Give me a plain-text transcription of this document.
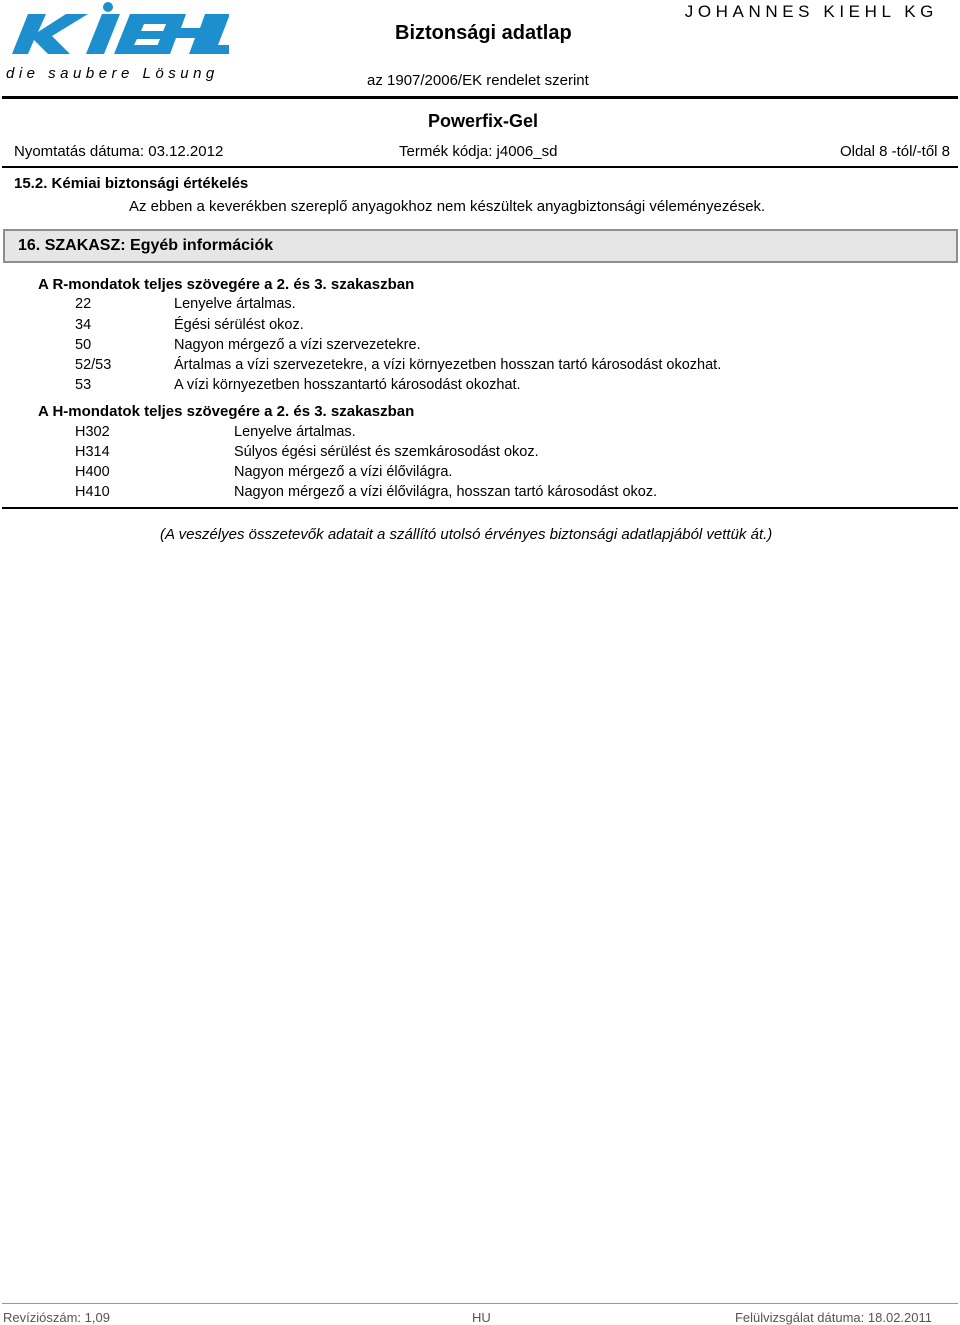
die saubere Lösung
Biztonsági adatlap
JOHANNES KIEHL KG
az 1907/2006/EK rendelet szerint
Powerfix-Gel
Nyomtatás dátuma: 03.12.2012	Termék kódja: j4006_sd	Oldal 8 -tól/-től 8
15.2. Kémiai biztonsági értékelés
Az ebben a keverékben szereplő anyagokhoz nem készültek anyagbiztonsági véleményezések.
16. SZAKASZ: Egyéb információk
A R-mondatok teljes szövegére a 2. és 3. szakaszban
22	Lenyelve ártalmas.
34	Égési sérülést okoz.
50	Nagyon mérgező a vízi szervezetekre.
52/53	Ártalmas a vízi szervezetekre, a vízi környezetben hosszan tartó károsodást okozhat.
53	A vízi környezetben hosszantartó károsodást okozhat.
A H-mondatok teljes szövegére a 2. és 3. szakaszban
H302	Lenyelve ártalmas.
H314	Súlyos égési sérülést és szemkárosodást okoz.
H400	Nagyon mérgező a vízi élővilágra.
H410	Nagyon mérgező a vízi élővilágra, hosszan tartó károsodást okoz.
(A veszélyes összetevők adatait a szállító utolsó érvényes biztonsági adatlapjából vettük át.)
Revíziószám: 1,09	HU	Felülvizsgálat dátuma: 18.02.2011
